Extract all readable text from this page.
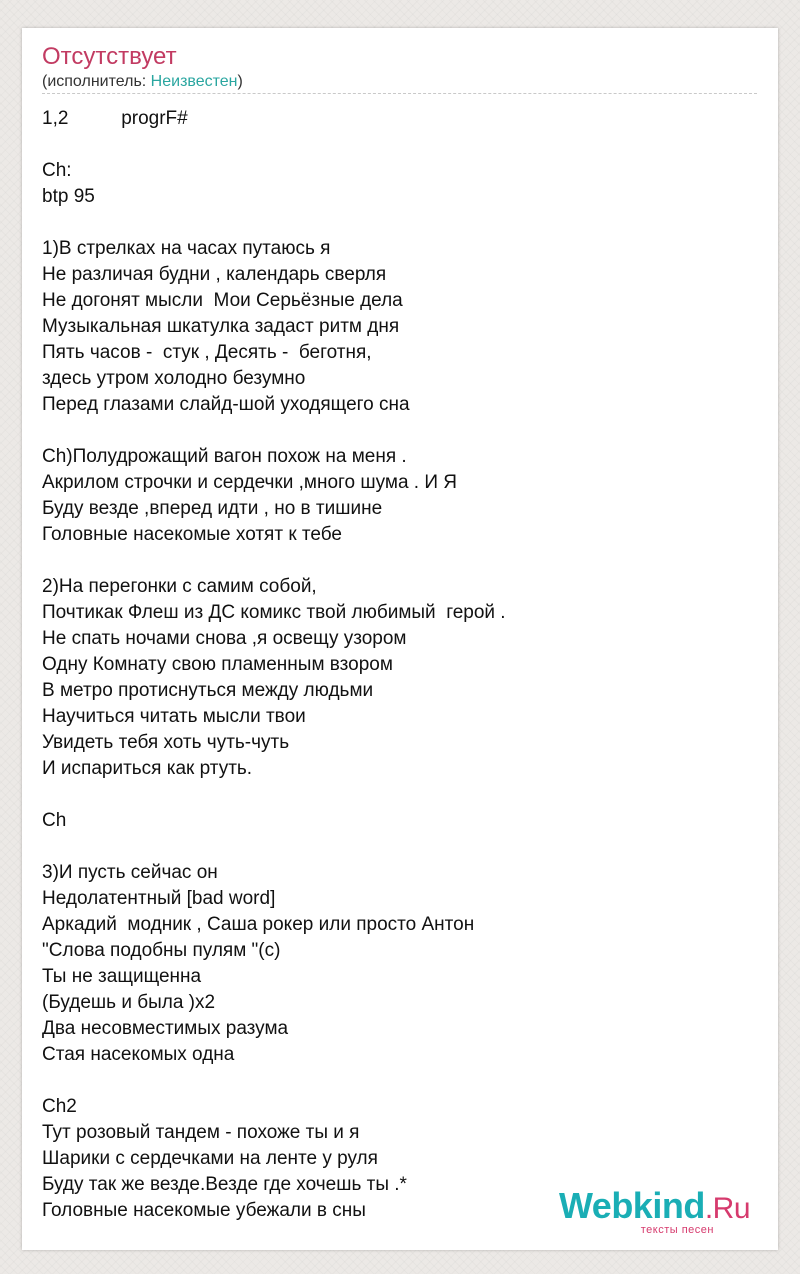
Отсутствует
(исполнитель: Неизвестен)
1,2          progrF#

Ch:
btp 95

1)В стрелках на часах путаюсь я
Не различая будни , календарь сверля
Не догонят мысли  Мои Серьёзные дела
Музыкальная шкатулка задаст ритм дня
Пять часов -  стук , Десять -  беготня,
здесь утром холодно безумно
Перед глазами слайд-шой уходящего сна

Ch)Полудрожащий вагон похож на меня .
Акрилом строчки и сердечки ,много шума . И Я
Буду везде ,вперед идти , но в тишине
Головные насекомые хотят к тебе

2)На перегонки с самим собой,
Почтикак Флеш из ДС комикс твой любимый  герой .
Не спать ночами снова ,я освещу узором
Одну Комнату свою пламенным взором
В метро протиснуться между людьми
Научиться читать мысли твои
Увидеть тебя хоть чуть-чуть
И испариться как ртуть.

Ch

3)И пусть сейчас он
Недолатентный [bad word]
Аркадий  модник , Саша рокер или просто Антон
"Слова подобны пулям "(с)
Ты не защищенна
(Будешь и была )х2
Два несовместимых разума
Стая насекомых одна

Ch2
Тут розовый тандем - похоже ты и я
Шарики с сердечками на ленте у руля
Буду так же везде.Везде где хочешь ты .*
Головные насекомые убежали в сны	Webkind.Ru
тексты песен
